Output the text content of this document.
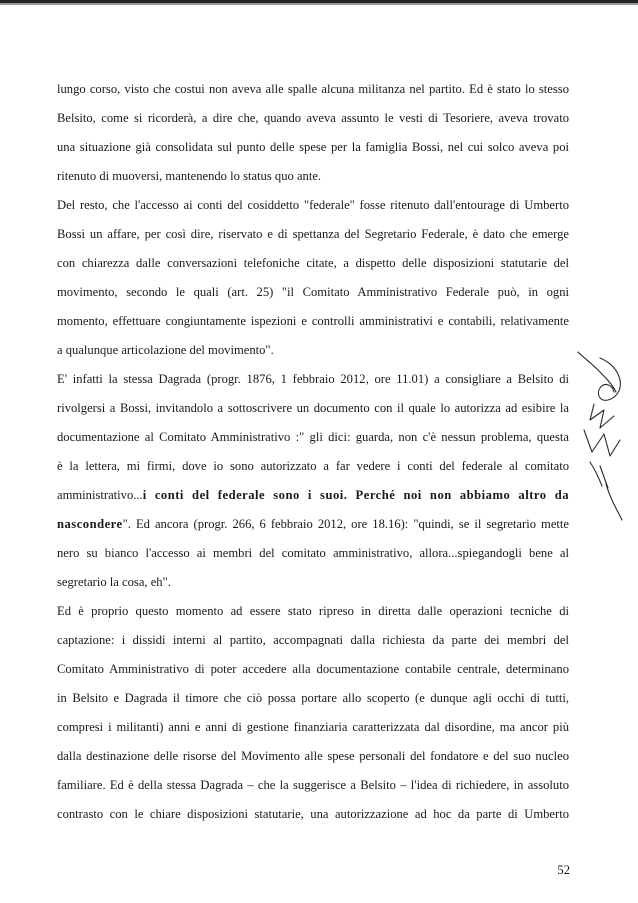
lungo corso, visto che costui non aveva alle spalle alcuna militanza nel partito. Ed è stato lo stesso
Belsito, come si ricorderà, a dire che, quando aveva assunto le vesti di Tesoriere, aveva trovato
una situazione già consolidata sul punto delle spese per la famiglia Bossi, nel cui solco aveva poi
ritenuto di muoversi, mantenendo lo status quo ante.
Del resto, che l'accesso ai conti del cosiddetto "federale" fosse ritenuto dall'entourage di Umberto
Bossi un affare, per così dire, riservato e di spettanza del Segretario Federale, è dato che emerge
con chiarezza dalle conversazioni telefoniche citate, a dispetto delle disposizioni statutarie del
movimento, secondo le quali (art. 25) "il Comitato Amministrativo Federale può, in ogni
momento, effettuare congiuntamente ispezioni e controlli amministrativi e contabili, relativamente
a qualunque articolazione del movimento".
E' infatti la stessa Dagrada (progr. 1876, 1 febbraio 2012, ore 11.01) a consigliare a Belsito di
rivolgersi a Bossi, invitandolo a sottoscrivere un documento con il quale lo autorizza ad esibire la
documentazione al Comitato Amministrativo :" gli dici: guarda, non c'è nessun problema, questa
è la lettera, mi firmi, dove io sono autorizzato a far vedere i conti del federale al comitato
amministrativo...i conti del federale sono i suoi. Perché noi non abbiamo altro da
nascondere". Ed ancora (progr. 266, 6 febbraio 2012, ore 18.16): "quindi, se il segretario mette
nero su bianco l'accesso ai membri del comitato amministrativo, allora...spiegandogli bene al
segretario la cosa, eh".
Ed è proprio questo momento ad essere stato ripreso in diretta dalle operazioni tecniche di
captazione: i dissidi interni al partito, accompagnati dalla richiesta da parte dei membri del
Comitato Amministrativo di poter accedere alla documentazione contabile centrale, determinano
in Belsito e Dagrada il timore che ciò possa portare allo scoperto (e dunque agli occhi di tutti,
compresi i militanti) anni e anni di gestione finanziaria caratterizzata dal disordine, ma ancor più
dalla destinazione delle risorse del Movimento alle spese personali del fondatore e del suo nucleo
familiare. Ed è della stessa Dagrada – che la suggerisce a Belsito – l'idea di richiedere, in assoluto
contrasto con le chiare disposizioni statutarie, una autorizzazione ad hoc da parte di Umberto
52
